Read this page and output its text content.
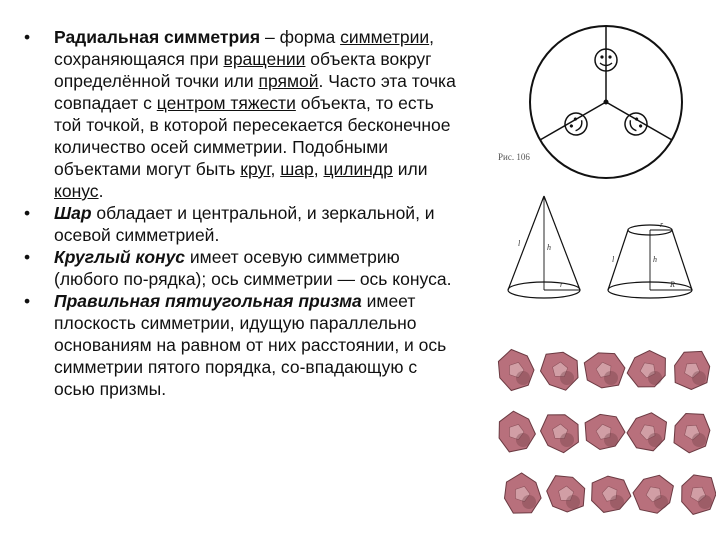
•	Радиальная симметрия – форма симметрии, сохраняющаяся при вращении объекта вокруг определённой точки или прямой. Часто эта точка совпадает с центром тяжести объекта, то есть той точкой, в которой пересекается бесконечное количество осей симметрии. Подобными объектами могут быть круг, шар, цилиндр или конус.

•	Шар обладает и центральной, и зеркальной, и осевой симметрией.

•	Круглый конус имеет осевую симметрию (любого по-рядка); ось симметрии — ось конуса.

•	Правильная пятиугольная призма имеет плоскость симметрии, идущую параллельно основаниям на равном от них расстоянии, и ось симметрии пятого порядка, со-впадающую с осью призмы.

Рис. 106
l	h
r
l	h
r
R
